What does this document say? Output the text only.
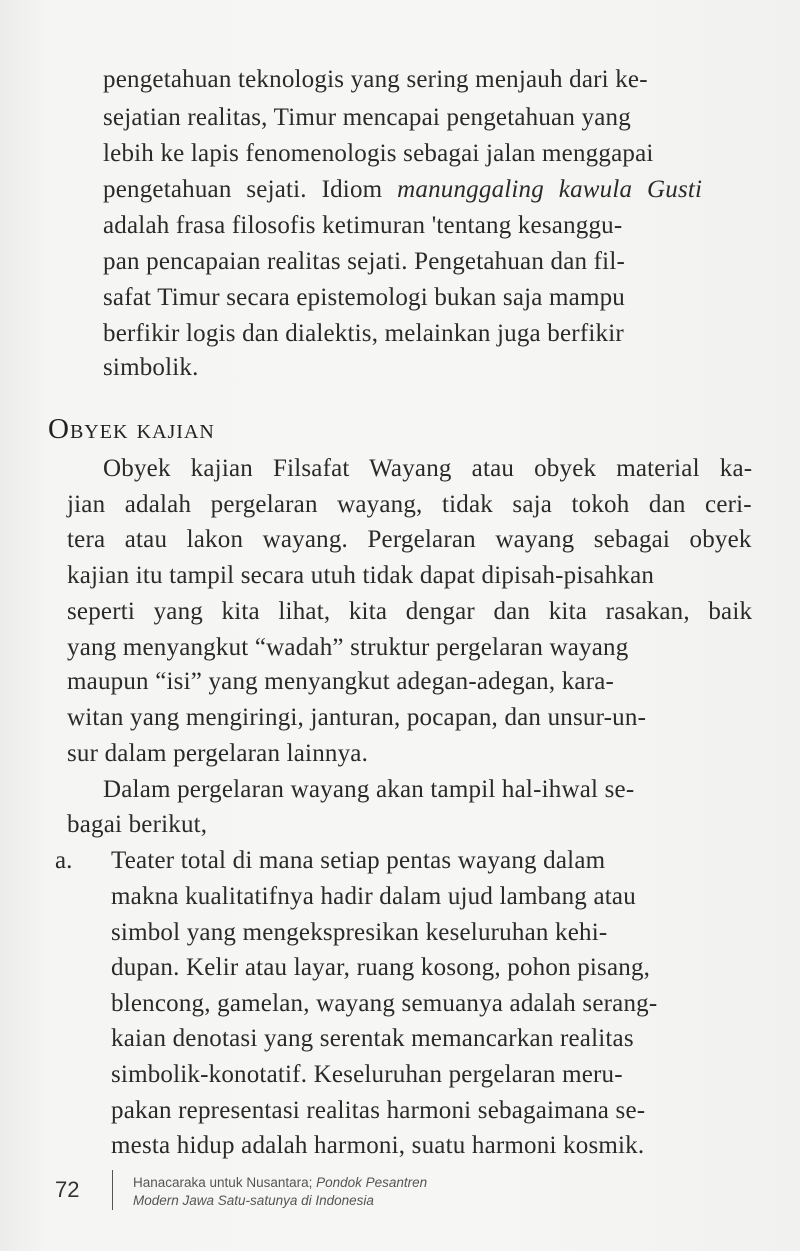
pengetahuan teknologis yang sering menjauh dari ke-
sejatian realitas, Timur mencapai pengetahuan yang
lebih ke lapis fenomenologis sebagai jalan menggapai
pengetahuan sejati. Idiom manunggaling kawula Gusti
adalah frasa filosofis ketimuran 'tentang kesanggu-
pan pencapaian realitas sejati. Pengetahuan dan fil-
safat Timur secara epistemologi bukan saja mampu
berfikir logis dan dialektis, melainkan juga berfikir
simbolik.
Obyek kajian
Obyek kajian Filsafat Wayang atau obyek material ka-
jian adalah pergelaran wayang, tidak saja tokoh dan ceri-
tera atau lakon wayang. Pergelaran wayang sebagai obyek
kajian itu tampil secara utuh tidak dapat dipisah-pisahkan
seperti yang kita lihat, kita dengar dan kita rasakan, baik
yang menyangkut “wadah” struktur pergelaran wayang
maupun “isi” yang menyangkut adegan-adegan, kara-
witan yang mengiringi, janturan, pocapan, dan unsur-un-
sur dalam pergelaran lainnya.
Dalam pergelaran wayang akan tampil hal-ihwal se-
bagai berikut,
a. Teater total di mana setiap pentas wayang dalam
makna kualitatifnya hadir dalam ujud lambang atau
simbol yang mengekspresikan keseluruhan kehi-
dupan. Kelir atau layar, ruang kosong, pohon pisang,
blencong, gamelan, wayang semuanya adalah serang-
kaian denotasi yang serentak memancarkan realitas
simbolik-konotatif. Keseluruhan pergelaran meru-
pakan representasi realitas harmoni sebagaimana se-
mesta hidup adalah harmoni, suatu harmoni kosmik.
72	Hanacaraka untuk Nusantara; Pondok Pesantren
Modern Jawa Satu-satunya di Indonesia
